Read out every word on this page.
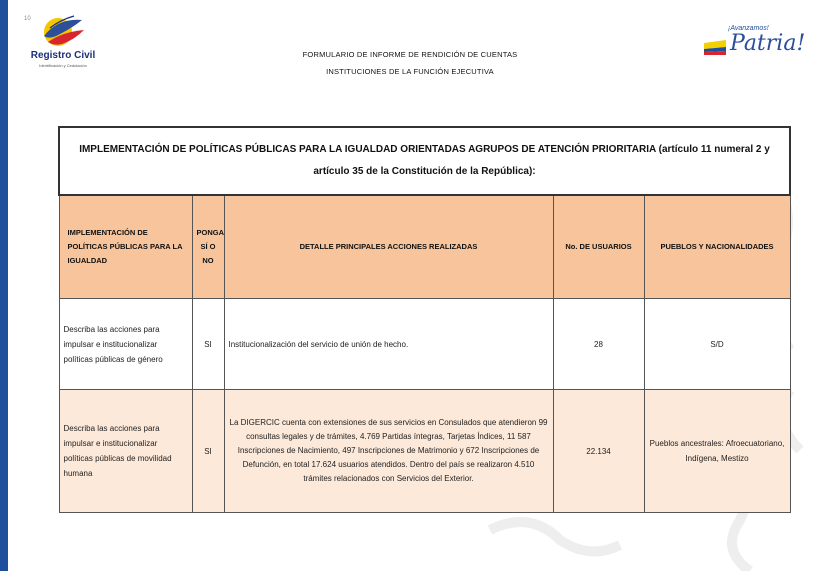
10
Registro Civil
Identificación y Cedulación
FORMULARIO DE INFORME DE RENDICIÓN DE CUENTAS
INSTITUCIONES DE LA FUNCIÓN EJECUTIVA
¡Avanzamos!
Patria!
IMPLEMENTACIÓN DE POLÍTICAS PÚBLICAS PARA LA IGUALDAD ORIENTADAS AGRUPOS DE ATENCIÓN PRIORITARIA (artículo 11 numeral 2 y artículo 35 de la Constitución de la República):				
IMPLEMENTACIÓN DE POLÍTICAS PÚBLICAS PARA LA IGUALDAD	PONGA SÍ O NO	DETALLE PRINCIPALES ACCIONES REALIZADAS	No. DE USUARIOS	PUEBLOS Y NACIONALIDADES
Describa las acciones para impulsar e institucionalizar políticas públicas de género	SI	Institucionalización del servicio de unión de hecho.	28	S/D
Describa las acciones para impulsar e institucionalizar políticas públicas de movilidad humana	SI	La DIGERCIC cuenta con extensiones de sus servicios en Consulados que atendieron 99 consultas legales y de trámites, 4.769 Partidas íntegras, Tarjetas Índices, 11 587 Inscripciones de Nacimiento, 497 Inscripciones de Matrimonio y 672 Inscripciones de Defunción, en total 17.624 usuarios atendidos. Dentro del país se realizaron 4.510 trámites relacionados con Servicios del Exterior.	22.134	Pueblos ancestrales: Afroecuatoriano, Indígena, Mestizo
